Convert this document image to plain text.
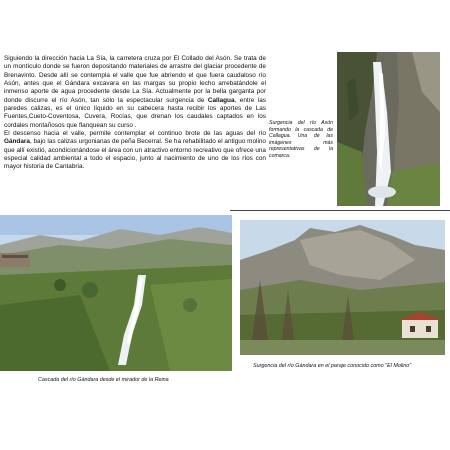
Siguiendo la dirección hacia La Sía, la carretera cruza por El Collado del Asón. Se trata de un montículo donde se fueron depositando materiales de arrastre del glaciar procedente de Brenavinto. Desde allí se contempla el valle que fue abriendo el que fuera caudaloso río Asón, antes que el Gándara excavara en las margas su propio lecho arrebatándole el inmenso aporte de agua procedente desde La Sía. Actualmente por la bella garganta por donde discurre el río Asón, tan sólo la espectacular surgencia de Callagua, entre las paredes calizas, es el único líquido en su cabecera hasta recibir los aportes de Las Fuentes,Cueto-Coventosa, Cuvera, Rocías, que drenan los caudales captados en los cordales montañosos que flanquean su curso .

El descenso hacia el valle, permite contemplar el continuo brote de las aguas del río Gándara, bajo las calizas urgonianas de peña Becerral. Se ha rehabilitado el antiguo molino que allí existió, acondicionándose el área con un atractivo entorno recreativo que ofrece una especial calidad ambiental a todo el espacio, junto al nacimiento de uno de los ríos con mayor historia de Cantabria.

Surgencia del río Asón formando la cascada de Callagua. Una de las imágenes más representativas de la comarca.

Cascada del río Gándara desde el mirador de la Reina

Surgencia del río Gándara en el paraje conocido como "El Molino"
